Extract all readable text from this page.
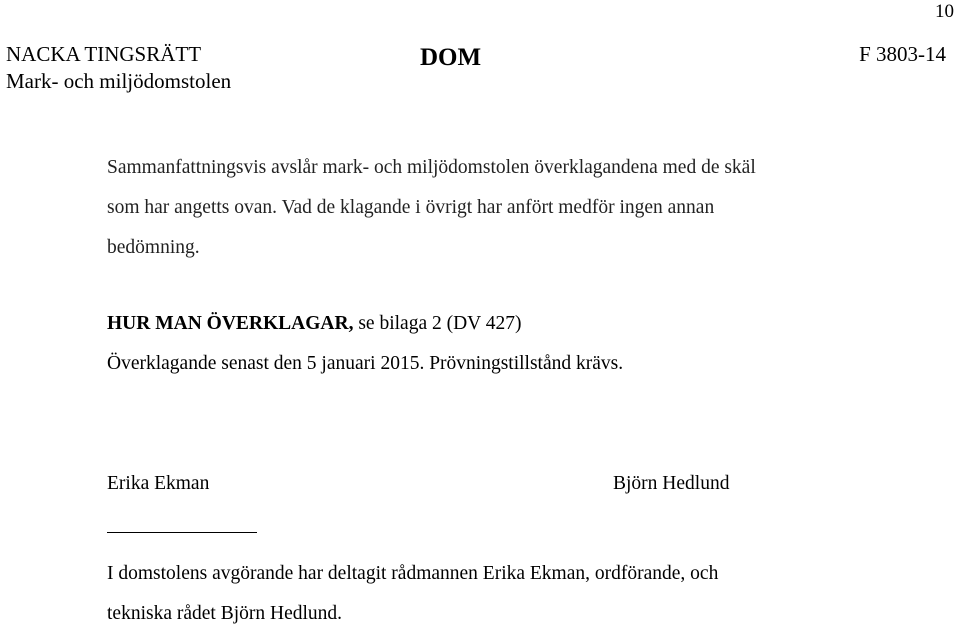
10
NACKA TINGSRÄTT
Mark- och miljödomstolen
DOM	F 3803-14
Sammanfattningsvis avslår mark- och miljödomstolen överklagandena med de skäl
som har angetts ovan. Vad de klagande i övrigt har anfört medför ingen annan
bedömning.
HUR MAN ÖVERKLAGAR, se bilaga 2 (DV 427)
Överklagande senast den 5 januari 2015. Prövningstillstånd krävs.
Erika Ekman	Björn Hedlund
I domstolens avgörande har deltagit rådmannen Erika Ekman, ordförande, och
tekniska rådet Björn Hedlund.
